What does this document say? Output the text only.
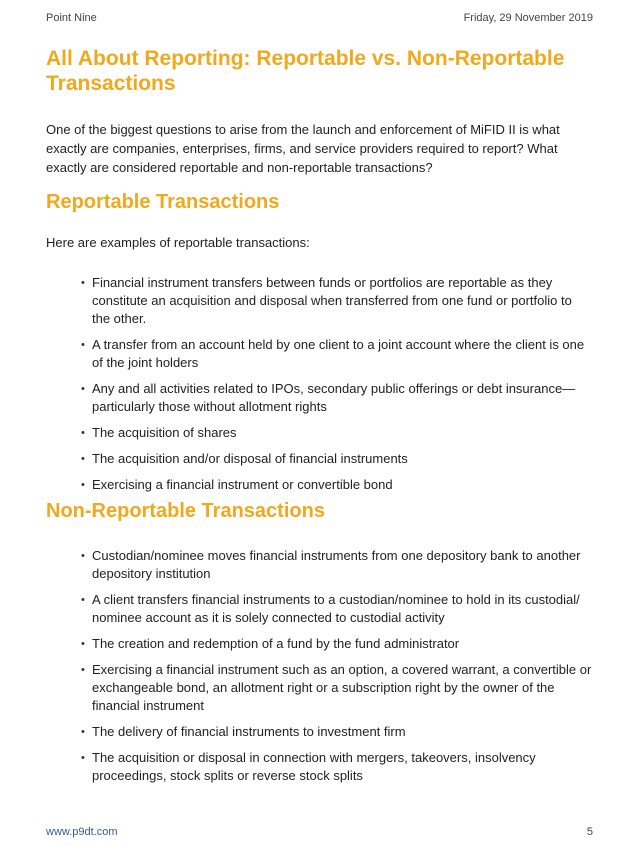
Point Nine	Friday, 29 November 2019
All About Reporting: Reportable vs. Non-Reportable Transactions

One of the biggest questions to arise from the launch and enforcement of MiFID II is what exactly are companies, enterprises, firms, and service providers required to report? What exactly are considered reportable and non-reportable transactions?

Reportable Transactions

Here are examples of reportable transactions:

• Financial instrument transfers between funds or portfolios are reportable as they constitute an acquisition and disposal when transferred from one fund or portfolio to the other.
• A transfer from an account held by one client to a joint account where the client is one of the joint holders
• Any and all activities related to IPOs, secondary public offerings or debt insurance—particularly those without allotment rights
• The acquisition of shares
• The acquisition and/or disposal of financial instruments
• Exercising a financial instrument or convertible bond
Non-Reportable Transactions
• Custodian/nominee moves financial instruments from one depository bank to another depository institution
• A client transfers financial instruments to a custodian/nominee to hold in its custodial/ nominee account as it is solely connected to custodial activity
• The creation and redemption of a fund by the fund administrator
• Exercising a financial instrument such as an option, a covered warrant, a convertible or exchangeable bond, an allotment right or a subscription right by the owner of the financial instrument
• The delivery of financial instruments to investment firm
• The acquisition or disposal in connection with mergers, takeovers, insolvency proceedings, stock splits or reverse stock splits
www.p9dt.com	5
